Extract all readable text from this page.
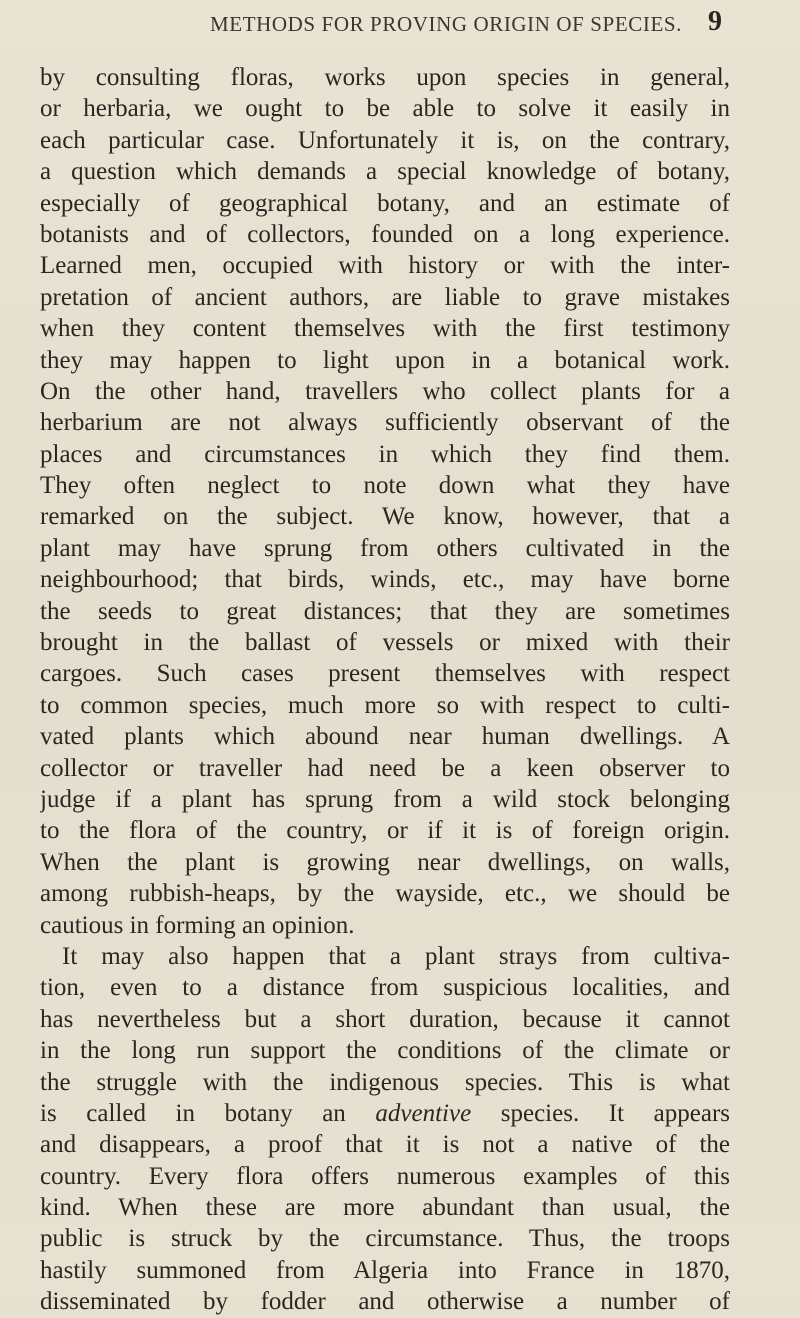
METHODS FOR PROVING ORIGIN OF SPECIES. 9
by consulting floras, works upon species in general,
or herbaria, we ought to be able to solve it easily in
each particular case. Unfortunately it is, on the contrary,
a question which demands a special knowledge of botany,
especially of geographical botany, and an estimate of
botanists and of collectors, founded on a long experience.
Learned men, occupied with history or with the inter-
pretation of ancient authors, are liable to grave mistakes
when they content themselves with the first testimony
they may happen to light upon in a botanical work.
On the other hand, travellers who collect plants for a
herbarium are not always sufficiently observant of the
places and circumstances in which they find them.
They often neglect to note down what they have
remarked on the subject. We know, however, that a
plant may have sprung from others cultivated in the
neighbourhood; that birds, winds, etc., may have borne
the seeds to great distances; that they are sometimes
brought in the ballast of vessels or mixed with their
cargoes. Such cases present themselves with respect
to common species, much more so with respect to culti-
vated plants which abound near human dwellings. A
collector or traveller had need be a keen observer to
judge if a plant has sprung from a wild stock belonging
to the flora of the country, or if it is of foreign origin.
When the plant is growing near dwellings, on walls,
among rubbish-heaps, by the wayside, etc., we should be
cautious in forming an opinion.
It may also happen that a plant strays from cultiva-
tion, even to a distance from suspicious localities, and
has nevertheless but a short duration, because it cannot
in the long run support the conditions of the climate or
the struggle with the indigenous species. This is what
is called in botany an adventive species. It appears
and disappears, a proof that it is not a native of the
country. Every flora offers numerous examples of this
kind. When these are more abundant than usual, the
public is struck by the circumstance. Thus, the troops
hastily summoned from Algeria into France in 1870,
disseminated by fodder and otherwise a number of
